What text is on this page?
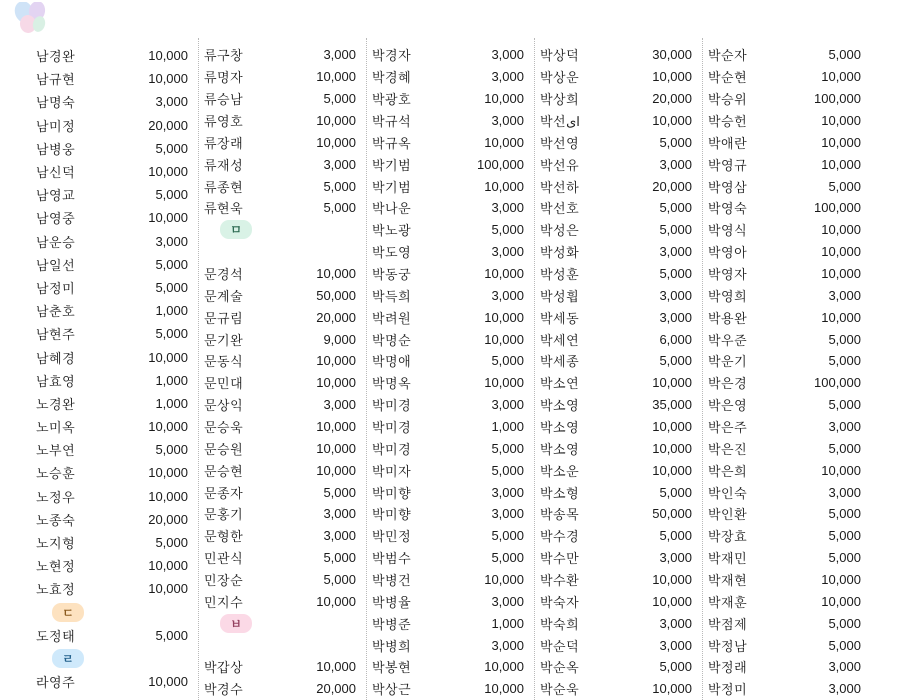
남경완	10,000
남규현	10,000
남명숙	3,000
남미정	20,000
남병웅	5,000
남신덕	10,000
남영교	5,000
남영중	10,000
남운승	3,000
남일선	5,000
남정미	5,000
남춘호	1,000
남현주	5,000
남혜경	10,000
남효영	1,000
노경완	1,000
노미옥	10,000
노부연	5,000
노승훈	10,000
노정우	10,000
노종숙	20,000
노지형	5,000
노현정	10,000
노효정	10,000
ㄷ
도정태	5,000
ㄹ
라영주	10,000
류구창	3,000
류명자	10,000
류승남	5,000
류영호	10,000
류장래	10,000
류재성	3,000
류종현	5,000
류현욱	5,000
ㅁ
문경석	10,000
문계술	50,000
문규림	20,000
문기완	9,000
문동식	10,000
문민대	10,000
문상익	3,000
문승욱	10,000
문승원	10,000
문승현	10,000
문종자	5,000
문홍기	3,000
문형한	3,000
민관식	5,000
민장순	5,000
민지수	10,000
ㅂ
박갑상	10,000
박경수	20,000
박경자	3,000
박경혜	3,000
박광호	10,000
박규석	3,000
박규옥	10,000
박기범	100,000
박기범	10,000
박나운	3,000
박노광	5,000
박도영	3,000
박동궁	10,000
박득희	3,000
박려원	10,000
박명순	10,000
박명애	5,000
박명옥	10,000
박미경	3,000
박미경	1,000
박미경	5,000
박미자	5,000
박미향	3,000
박미향	3,000
박민정	5,000
박범수	5,000
박병건	10,000
박병율	3,000
박병준	1,000
박병희	3,000
박봉현	10,000
박상근	10,000
박상덕	30,000
박상운	10,000
박상희	20,000
박선ای	10,000
박선영	5,000
박선유	3,000
박선하	20,000
박선호	5,000
박성은	5,000
박성화	3,000
박성훈	5,000
박성흽	3,000
박세동	3,000
박세연	6,000
박세종	5,000
박소연	10,000
박소영	35,000
박소영	10,000
박소영	10,000
박소운	10,000
박소형	5,000
박송목	50,000
박수경	5,000
박수만	3,000
박수환	10,000
박숙자	10,000
박숙희	3,000
박순덕	3,000
박순옥	5,000
박순욱	10,000
박순자	5,000
박순현	10,000
박승위	100,000
박승헌	10,000
박애란	10,000
박영규	10,000
박영삼	5,000
박영숙	100,000
박영식	10,000
박영아	10,000
박영자	10,000
박영희	3,000
박용완	10,000
박우준	5,000
박운기	5,000
박은경	100,000
박은영	5,000
박은주	3,000
박은진	5,000
박은희	10,000
박인숙	3,000
박인환	5,000
박장효	5,000
박재민	5,000
박재현	10,000
박재훈	10,000
박점제	5,000
박정남	5,000
박정래	3,000
박정미	3,000
